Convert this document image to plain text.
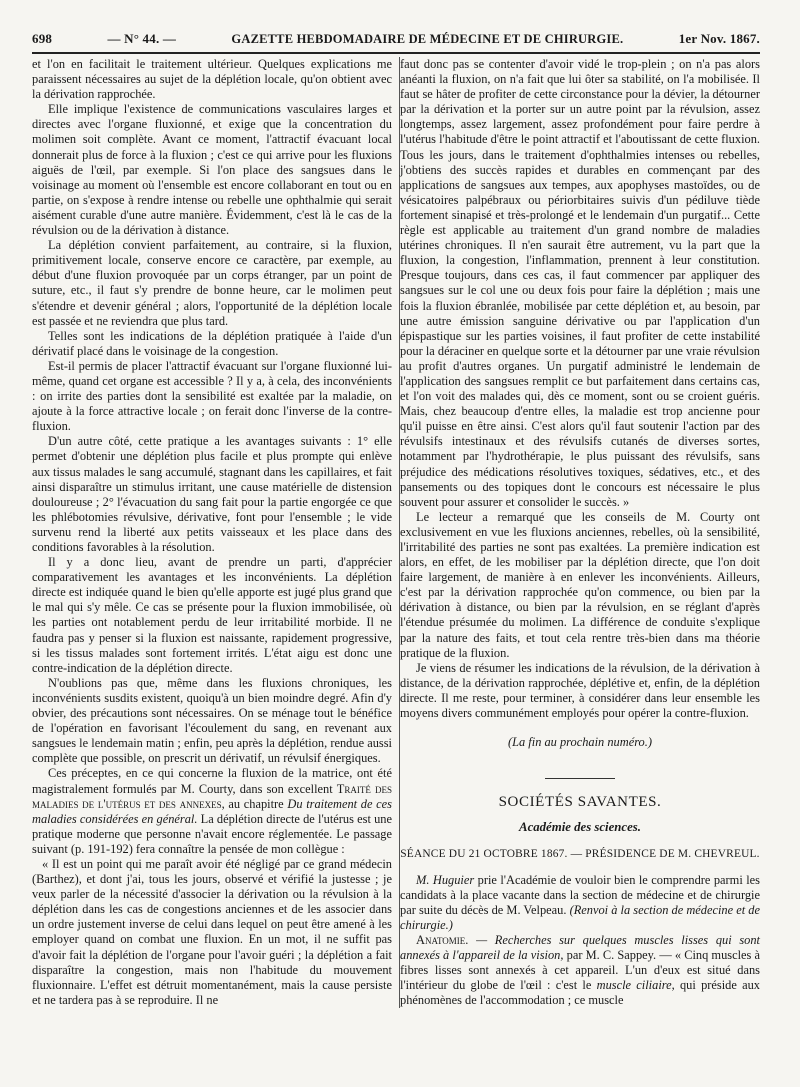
698	— N° 44. —	GAZETTE HEBDOMADAIRE DE MÉDECINE ET DE CHIRURGIE.	1er Nov. 1867.

et l'on en facilitait le traitement ultérieur. Quelques explications me paraissent nécessaires au sujet de la déplétion locale, qu'on obtient avec la dérivation rapprochée.

Elle implique l'existence de communications vasculaires larges et directes avec l'organe fluxionné, et exige que la concentration du molimen soit complète. Avant ce moment, l'attractif évacuant local donnerait plus de force à la fluxion ; c'est ce qui arrive pour les fluxions aiguës de l'œil, par exemple. Si l'on place des sangsues dans le voisinage au moment où l'ensemble est encore collaborant en tout ou en partie, on s'expose à rendre intense ou rebelle une ophthalmie qui serait aisément curable d'une autre manière. Évidemment, c'est là le cas de la révulsion ou de la dérivation à distance.

La déplétion convient parfaitement, au contraire, si la fluxion, primitivement locale, conserve encore ce caractère, par exemple, au début d'une fluxion provoquée par un corps étranger, par un point de suture, etc., il faut s'y prendre de bonne heure, car le molimen peut s'étendre et devenir général ; alors, l'opportunité de la déplétion locale est passée et ne reviendra que plus tard.

Telles sont les indications de la déplétion pratiquée à l'aide d'un dérivatif placé dans le voisinage de la congestion.

Est-il permis de placer l'attractif évacuant sur l'organe fluxionné lui-même, quand cet organe est accessible ? Il y a, à cela, des inconvénients : on irrite des parties dont la sensibilité est exaltée par la maladie, on ajoute à la force attractive locale ; on ferait donc l'inverse de la contre-fluxion.

D'un autre côté, cette pratique a les avantages suivants : 1° elle permet d'obtenir une déplétion plus facile et plus prompte qui enlève aux tissus malades le sang accumulé, stagnant dans les capillaires, et fait ainsi disparaître un stimulus irritant, une cause matérielle de distension douloureuse ; 2° l'évacuation du sang fait pour la partie engorgée ce que les phlébotomies révulsive, dérivative, font pour l'ensemble ; le vide survenu rend la liberté aux petits vaisseaux et les place dans des conditions favorables à la résolution.

Il y a donc lieu, avant de prendre un parti, d'apprécier comparativement les avantages et les inconvénients. La déplétion directe est indiquée quand le bien qu'elle apporte est jugé plus grand que le mal qui s'y mêle. Ce cas se présente pour la fluxion immobilisée, où les parties ont notablement perdu de leur irritabilité morbide. Il ne faudra pas y penser si la fluxion est naissante, rapidement progressive, si les tissus malades sont fortement irrités. L'état aigu est donc une contre-indication de la déplétion directe.

N'oublions pas que, même dans les fluxions chroniques, les inconvénients susdits existent, quoiqu'à un bien moindre degré. Afin d'y obvier, des précautions sont nécessaires. On se ménage tout le bénéfice de l'opération en favorisant l'écoulement du sang, en revenant aux sangsues le lendemain matin ; enfin, peu après la déplétion, rendue aussi complète que possible, on prescrit un dérivatif, un révulsif énergiques.

Ces préceptes, en ce qui concerne la fluxion de la matrice, ont été magistralement formulés par M. Courty, dans son excellent Traité des maladies de l'utérus et des annexes, au chapitre Du traitement de ces maladies considérées en général. La déplétion directe de l'utérus est une pratique moderne que personne n'avait encore réglementée. Le passage suivant (p. 191-192) fera connaître la pensée de mon collègue :

« Il est un point qui me paraît avoir été négligé par ce grand médecin (Barthez), et dont j'ai, tous les jours, observé et vérifié la justesse ; je veux parler de la nécessité d'associer la dérivation ou la révulsion à la déplétion dans les cas de congestions anciennes et de les associer dans un ordre justement inverse de celui dans lequel on peut être amené à les employer quand on combat une fluxion. En un mot, il ne suffit pas d'avoir fait la déplétion de l'organe pour l'avoir guéri ; la déplétion a fait disparaître la congestion, mais non l'habitude du mouvement fluxionnaire. L'effet est détruit momentanément, mais la cause persiste et ne tardera pas à se reproduire. Il ne

faut donc pas se contenter d'avoir vidé le trop-plein ; on n'a pas alors anéanti la fluxion, on n'a fait que lui ôter sa stabilité, on l'a mobilisée. Il faut se hâter de profiter de cette circonstance pour la dévier, la détourner par la dérivation et la porter sur un autre point par la révulsion, assez longtemps, assez largement, assez profondément pour faire perdre à l'utérus l'habitude d'être le point attractif et l'aboutissant de cette fluxion. Tous les jours, dans le traitement d'ophthalmies intenses ou rebelles, j'obtiens des succès rapides et durables en commençant par des applications de sangsues aux tempes, aux apophyses mastoïdes, ou de vésicatoires palpébraux ou périorbitaires suivis d'un pédiluve tiède fortement sinapisé et très-prolongé et le lendemain d'un purgatif... Cette règle est applicable au traitement d'un grand nombre de maladies utérines chroniques. Il n'en saurait être autrement, vu la part que la fluxion, la congestion, l'inflammation, prennent à leur constitution. Presque toujours, dans ces cas, il faut commencer par appliquer des sangsues sur le col une ou deux fois pour faire la déplétion ; mais une fois la fluxion ébranlée, mobilisée par cette déplétion et, au besoin, par une autre émission sanguine dérivative ou par l'application d'un épispastique sur les parties voisines, il faut profiter de cette instabilité pour la déraciner en quelque sorte et la détourner par une vraie révulsion au profit d'autres organes. Un purgatif administré le lendemain de l'application des sangsues remplit ce but parfaitement dans certains cas, et l'on voit des malades qui, dès ce moment, sont ou se croient guéris. Mais, chez beaucoup d'entre elles, la maladie est trop ancienne pour qu'il puisse en être ainsi. C'est alors qu'il faut soutenir l'action par des révulsifs intestinaux et des révulsifs cutanés de diverses sortes, notamment par l'hydrothérapie, le plus puissant des révulsifs, sans préjudice des médications résolutives toxiques, sédatives, etc., et des pansements ou des topiques dont le concours est nécessaire le plus souvent pour assurer et consolider le succès. »

Le lecteur a remarqué que les conseils de M. Courty ont exclusivement en vue les fluxions anciennes, rebelles, où la sensibilité, l'irritabilité des parties ne sont pas exaltées. La première indication est alors, en effet, de les mobiliser par la déplétion directe, que l'on doit faire largement, de manière à en enlever les inconvénients. Ailleurs, c'est par la dérivation rapprochée qu'on commence, ou bien par la dérivation à distance, ou bien par la révulsion, en se réglant d'après l'étendue présumée du molimen. La différence de conduite s'explique par la nature des faits, et tout cela rentre très-bien dans ma théorie pratique de la fluxion.

Je viens de résumer les indications de la révulsion, de la dérivation à distance, de la dérivation rapprochée, déplétive et, enfin, de la déplétion directe. Il me reste, pour terminer, à considérer dans leur ensemble les moyens divers communément employés pour opérer la contre-fluxion.

(La fin au prochain numéro.)

SOCIÉTÉS SAVANTES.
Académie des sciences.
SÉANCE DU 21 OCTOBRE 1867. — PRÉSIDENCE DE M. CHEVREUL.

M. Huguier prie l'Académie de vouloir bien le comprendre parmi les candidats à la place vacante dans la section de médecine et de chirurgie par suite du décès de M. Velpeau. (Renvoi à la section de médecine et de chirurgie.)

Anatomie. — Recherches sur quelques muscles lisses qui sont annexés à l'appareil de la vision, par M. C. Sappey. — « Cinq muscles à fibres lisses sont annexés à cet appareil. L'un d'eux est situé dans l'intérieur du globe de l'œil : c'est le muscle ciliaire, qui préside aux phénomènes de l'accommodation ; ce muscle
